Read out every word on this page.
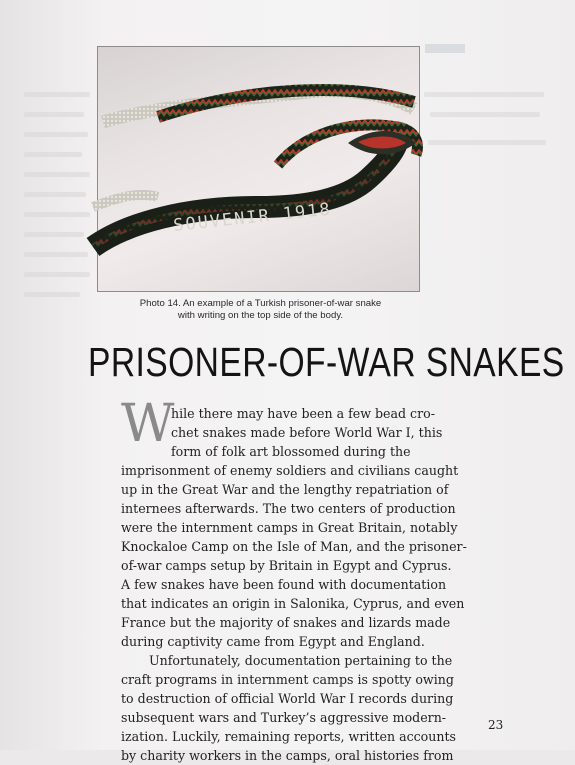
SOUVENIR 1918
Photo 14. An example of a Turkish prisoner-of-war snake
with writing on the top side of the body.
PRISONER-OF-WAR SNAKES
W
hile there may have been a few bead cro-
chet snakes made before World War I, this
form of folk art blossomed during the
imprisonment of enemy soldiers and civilians caught
up in the Great War and the lengthy repatriation of
internees afterwards. The two centers of production
were the internment camps in Great Britain, notably
Knockaloe Camp on the Isle of Man, and the prisoner-
of-war camps setup by Britain in Egypt and Cyprus.
A few snakes have been found with documentation
that indicates an origin in Salonika, Cyprus, and even
France but the majority of snakes and lizards made
during captivity came from Egypt and England.
Unfortunately, documentation pertaining to the
craft programs in internment camps is spotty owing
to destruction of official World War I records during
subsequent wars and Turkey’s aggressive modern-
ization. Luckily, remaining reports, written accounts
by charity workers in the camps, oral histories from
23
